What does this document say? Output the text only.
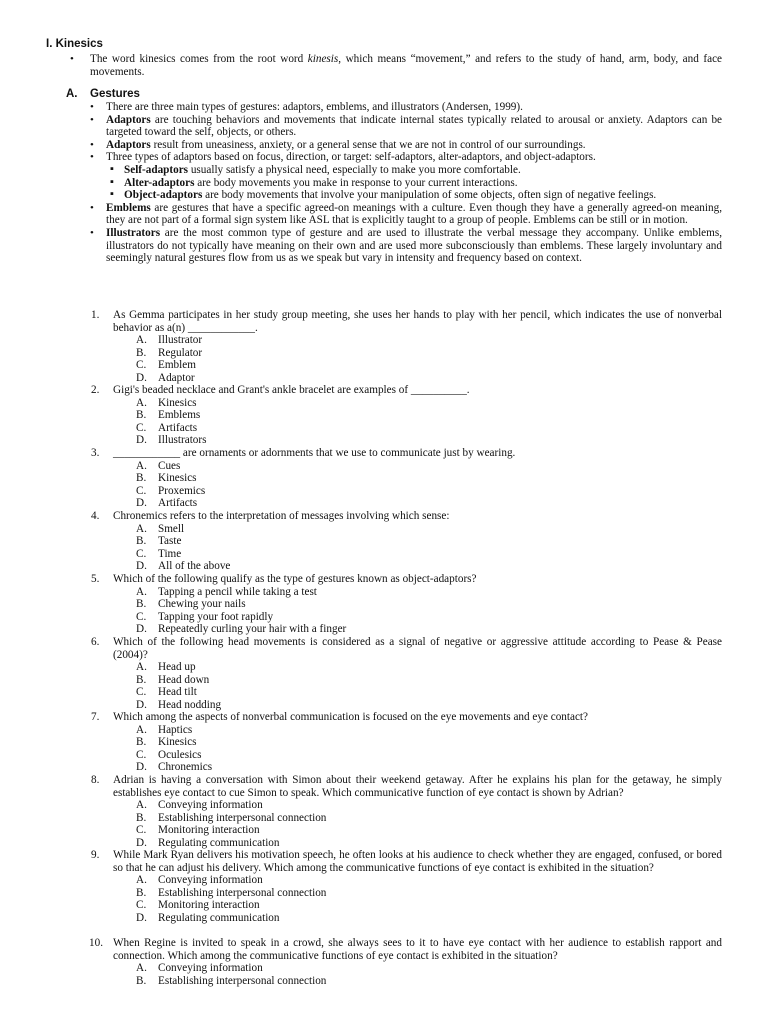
I. Kinesics
• The word kinesics comes from the root word kinesis, which means “movement,” and refers to the study of hand, arm, body, and face movements.
A. Gestures
• There are three main types of gestures: adaptors, emblems, and illustrators (Andersen, 1999).
• Adaptors are touching behaviors and movements that indicate internal states typically related to arousal or anxiety. Adaptors can be targeted toward the self, objects, or others.
• Adaptors result from uneasiness, anxiety, or a general sense that we are not in control of our surroundings.
• Three types of adaptors based on focus, direction, or target: self-adaptors, alter-adaptors, and object-adaptors.
▪ Self-adaptors usually satisfy a physical need, especially to make you more comfortable.
▪ Alter-adaptors are body movements you make in response to your current interactions.
▪ Object-adaptors are body movements that involve your manipulation of some objects, often sign of negative feelings.
• Emblems are gestures that have a specific agreed-on meanings with a culture. Even though they have a generally agreed-on meaning, they are not part of a formal sign system like ASL that is explicitly taught to a group of people. Emblems can be still or in motion.
• Illustrators are the most common type of gesture and are used to illustrate the verbal message they accompany. Unlike emblems, illustrators do not typically have meaning on their own and are used more subconsciously than emblems. These largely involuntary and seemingly natural gestures flow from us as we speak but vary in intensity and frequency based on context.
1. As Gemma participates in her study group meeting, she uses her hands to play with her pencil, which indicates the use of nonverbal behavior as a(n) ____________.
A. Illustrator
B. Regulator
C. Emblem
D. Adaptor
2. Gigi's beaded necklace and Grant's ankle bracelet are examples of __________.
A. Kinesics
B. Emblems
C. Artifacts
D. Illustrators
3. ____________ are ornaments or adornments that we use to communicate just by wearing.
A. Cues
B. Kinesics
C. Proxemics
D. Artifacts
4. Chronemics refers to the interpretation of messages involving which sense:
A. Smell
B. Taste
C. Time
D. All of the above
5. Which of the following qualify as the type of gestures known as object-adaptors?
A. Tapping a pencil while taking a test
B. Chewing your nails
C. Tapping your foot rapidly
D. Repeatedly curling your hair with a finger
6. Which of the following head movements is considered as a signal of negative or aggressive attitude according to Pease & Pease (2004)?
A. Head up
B. Head down
C. Head tilt
D. Head nodding
7. Which among the aspects of nonverbal communication is focused on the eye movements and eye contact?
A. Haptics
B. Kinesics
C. Oculesics
D. Chronemics
8. Adrian is having a conversation with Simon about their weekend getaway. After he explains his plan for the getaway, he simply establishes eye contact to cue Simon to speak. Which communicative function of eye contact is shown by Adrian?
A. Conveying information
B. Establishing interpersonal connection
C. Monitoring interaction
D. Regulating communication
9. While Mark Ryan delivers his motivation speech, he often looks at his audience to check whether they are engaged, confused, or bored so that he can adjust his delivery. Which among the communicative functions of eye contact is exhibited in the situation?
A. Conveying information
B. Establishing interpersonal connection
C. Monitoring interaction
D. Regulating communication
10. When Regine is invited to speak in a crowd, she always sees to it to have eye contact with her audience to establish rapport and connection. Which among the communicative functions of eye contact is exhibited in the situation?
A. Conveying information
B. Establishing interpersonal connection
